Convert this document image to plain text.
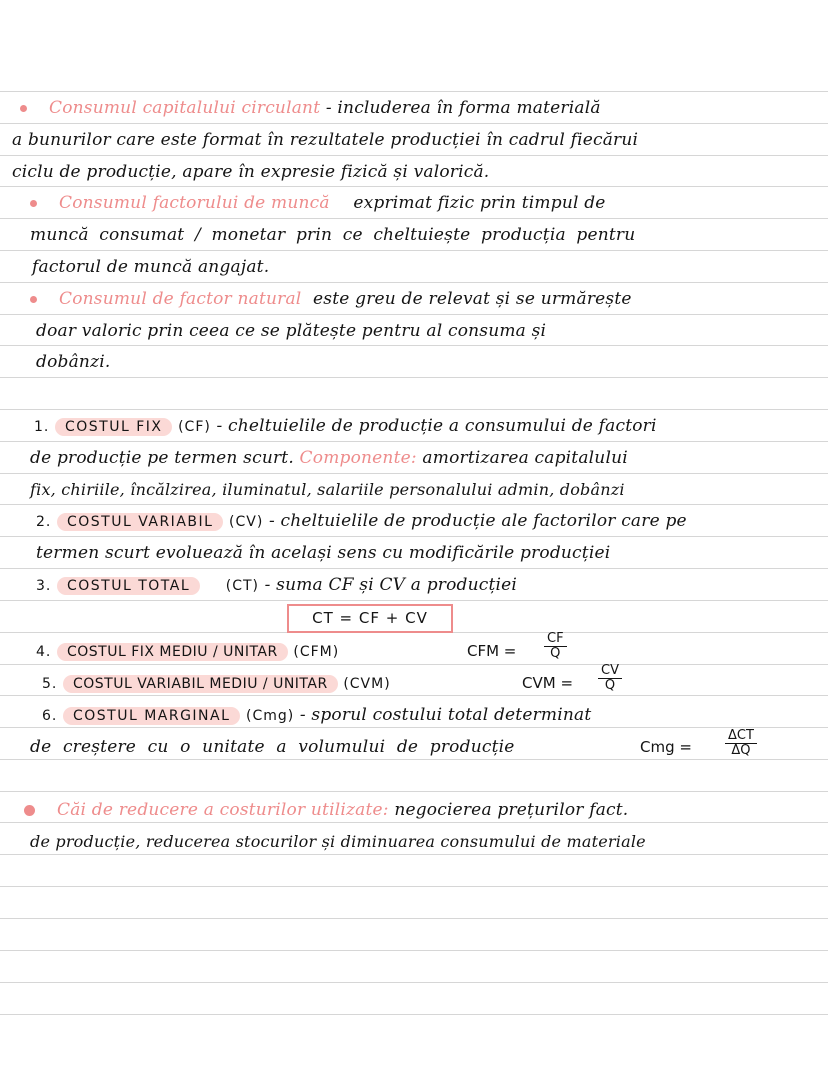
Consumul capitalului circulant - includerea în forma materială
a bunurilor care este format în rezultatele producției în cadrul fiecărui
ciclu de producție, apare în expresie fizică și valorică.
Consumul factorului de muncă exprimat fizic prin timpul de
muncă consumat / monetar prin ce cheltuiește producția pentru
factorul de muncă angajat.
Consumul de factor natural este greu de relevat și se urmărește
doar valoric prin ceea ce se plătește pentru al consuma și
dobânzi.
1. COSTUL FIX (CF) - cheltuielile de producție a consumului de factori
de producție pe termen scurt. Componente: amortizarea capitalului
fix, chiriile, încălzirea, iluminatul, salariile personalului admin, dobânzi
2. COSTUL VARIABIL (CV) - cheltuielile de producție ale factorilor care pe
termen scurt evoluează în același sens cu modificările producției
3. COSTUL TOTAL	(CT) - suma CF și CV a producției
CT = CF + CV
4. COSTUL FIX MEDIU / UNITAR (CFM)	CFM = $\frac{CF}{Q}$
5. COSTUL VARIABIL MEDIU / UNITAR (CVM)	CVM = $\frac{CV}{Q}$
6. COSTUL MARGINAL (Cmg) - sporul costului total determinat
de creștere cu o unitate a volumului de producție	Cmg =
ΔCT
ΔQ
Căi de reducere a costurilor utilizate: negocierea prețurilor fact.
de producție, reducerea stocurilor și diminuarea consumului de materiale
